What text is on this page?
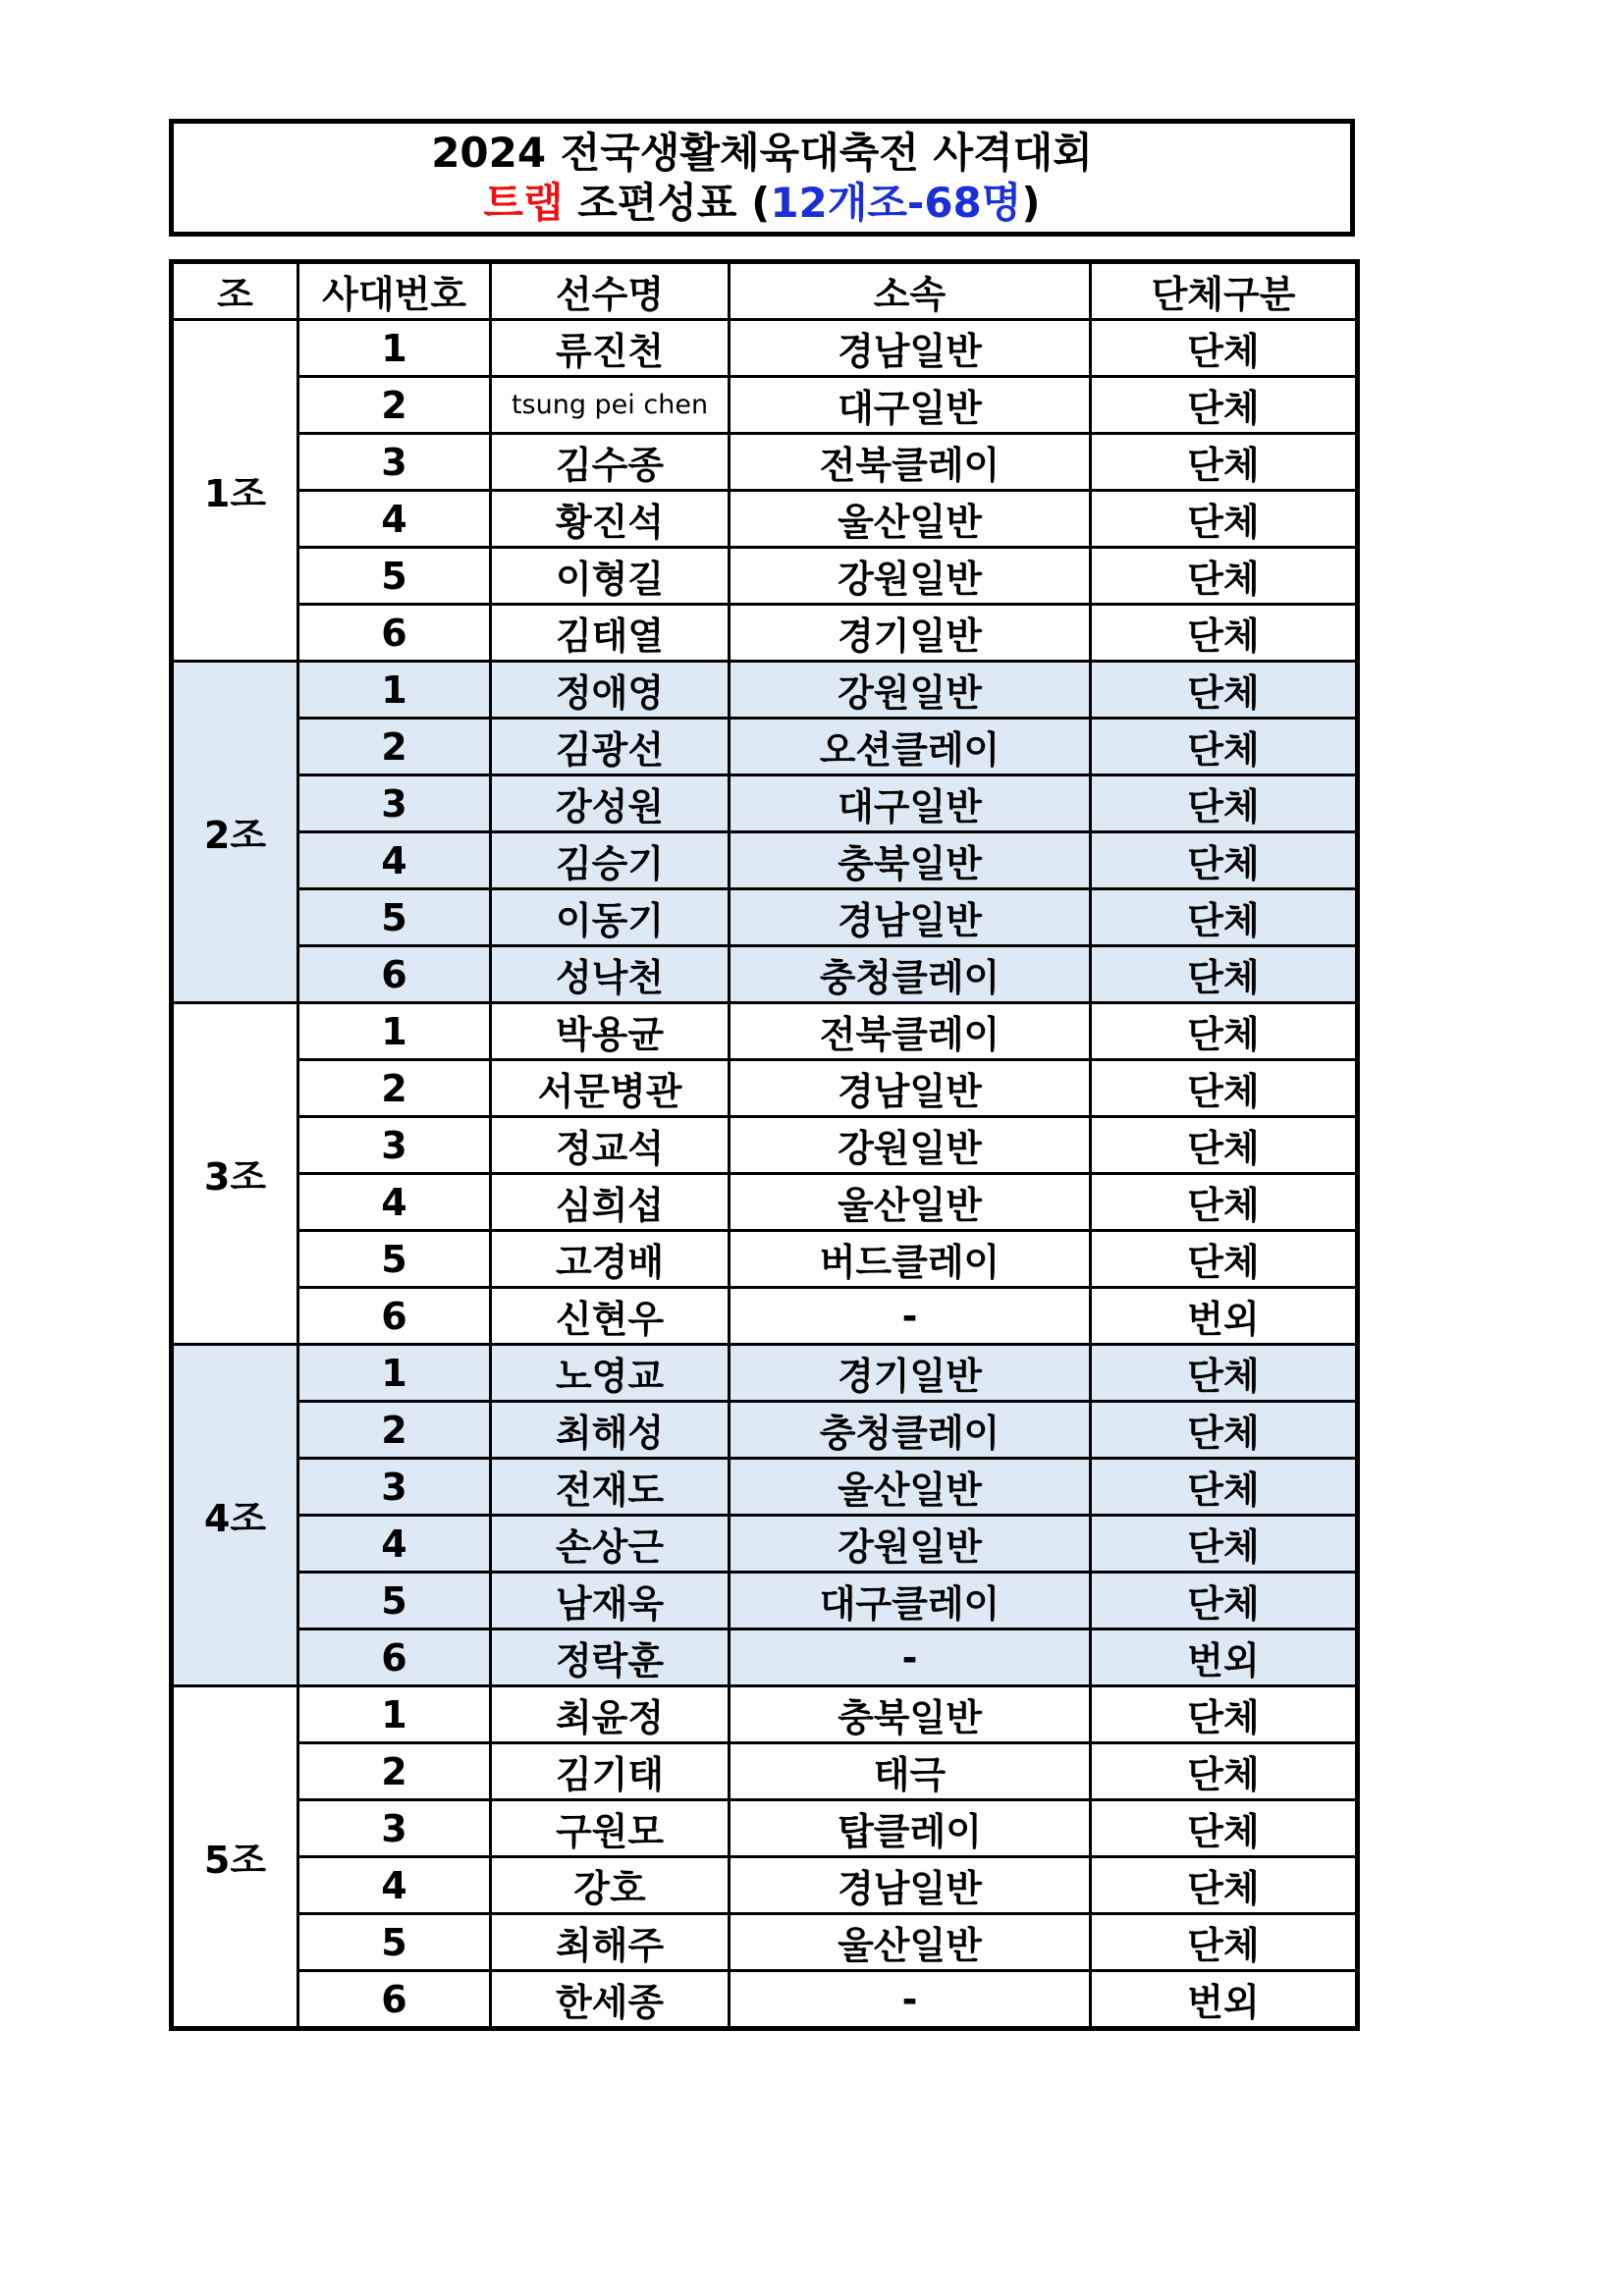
2024 전국생활체육대축전 사격대회
트랩 조편성표 (12개조-68명)
조	사대번호	선수명	소속	단체구분
1조	1	류진천	경남일반	단체
	2	tsung pei chen	대구일반	단체
	3	김수종	전북클레이	단체
	4	황진석	울산일반	단체
	5	이형길	강원일반	단체
	6	김태열	경기일반	단체
2조	1	정애영	강원일반	단체
	2	김광선	오션클레이	단체
	3	강성원	대구일반	단체
	4	김승기	충북일반	단체
	5	이동기	경남일반	단체
	6	성낙천	충청클레이	단체
3조	1	박용균	전북클레이	단체
	2	서문병관	경남일반	단체
	3	정교석	강원일반	단체
	4	심희섭	울산일반	단체
	5	고경배	버드클레이	단체
	6	신현우	-	번외
4조	1	노영교	경기일반	단체
	2	최해성	충청클레이	단체
	3	전재도	울산일반	단체
	4	손상근	강원일반	단체
	5	남재욱	대구클레이	단체
	6	정락훈	-	번외
5조	1	최윤정	충북일반	단체
	2	김기태	태극	단체
	3	구원모	탑클레이	단체
	4	강호	경남일반	단체
	5	최해주	울산일반	단체
	6	한세종	-	번외
